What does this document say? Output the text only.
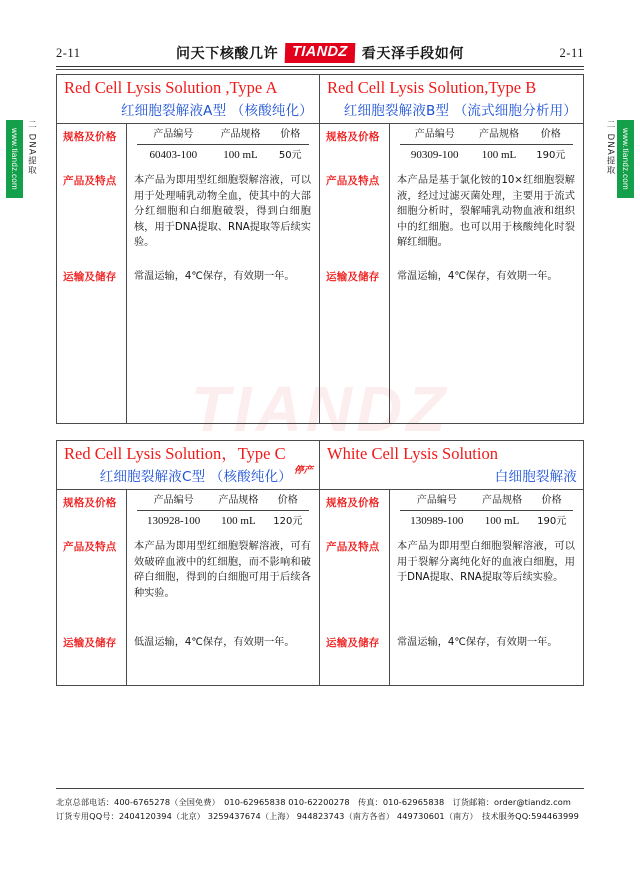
TIANDZ
2-11	问天下核酸几许 TIANDZ 看天泽手段如何	2-11
www.tiandz.com 二 DNA提取	www.tiandz.com
二 DNA提取
Red Cell Lysis Solution ,Type A
红细胞裂解液A型 （核酸纯化）
规格及价格	产品编号	产品规格	价格
60403-100	100 mL	50元
产品及特点	本产品为即用型红细胞裂解溶液，可以用于处理哺乳动物全血，使其中的大部分红细胞和白细胞破裂，得到白细胞核，用于DNA提取、RNA提取等后续实验。
运输及储存	常温运输，4℃保存，有效期一年。
Red Cell Lysis Solution,Type B
红细胞裂解液B型 （流式细胞分析用）
规格及价格	产品编号	产品规格	价格
90309-100	100 mL	190元
产品及特点	本产品是基于氯化铵的10×红细胞裂解液，经过过滤灭菌处理，主要用于流式细胞分析时，裂解哺乳动物血液和组织中的红细胞。也可以用于核酸纯化时裂解红细胞。
运输及储存	常温运输，4℃保存，有效期一年。
Red Cell Lysis Solution，Type C
红细胞裂解液C型 （核酸纯化） 停产
规格及价格	产品编号	产品规格	价格
130928-100	100 mL	120元
产品及特点	本产品为即用型红细胞裂解溶液，可有效破碎血液中的红细胞，而不影响和破碎白细胞，得到的白细胞可用于后续各种实验。
运输及储存	低温运输，4℃保存，有效期一年。
White Cell Lysis Solution
白细胞裂解液
规格及价格	产品编号	产品规格	价格
130989-100	100 mL	190元
产品及特点	本产品为即用型白细胞裂解溶液，可以用于裂解分离纯化好的血液白细胞，用于DNA提取、RNA提取等后续实验。
运输及储存	常温运输，4℃保存，有效期一年。
北京总部电话：400-6765278（全国免费）　010-62965838 010-62200278　传真：010-62965838　订货邮箱：order@tiandz.com
订货专用QQ号：2404120394（北京） 3259437674（上海） 944823743（南方各省） 449730601（南方）　技术服务QQ:594463999
